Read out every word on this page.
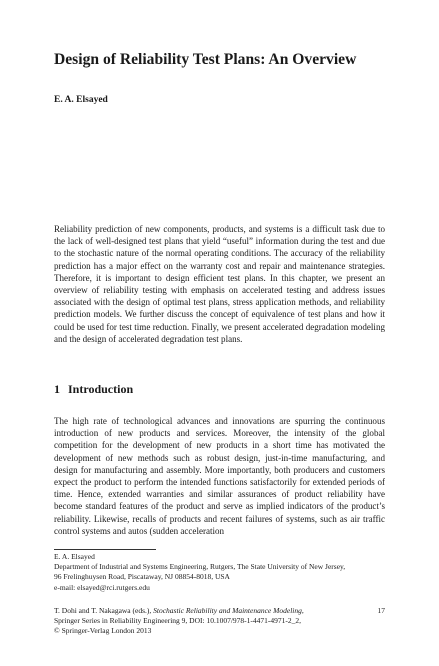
Design of Reliability Test Plans: An Overview
E. A. Elsayed

Reliability prediction of new components, products, and systems is a difficult task due to the lack of well-designed test plans that yield “useful” information during the test and due to the stochastic nature of the normal operating conditions. The accuracy of the reliability prediction has a major effect on the warranty cost and repair and maintenance strategies. Therefore, it is important to design efficient test plans. In this chapter, we present an overview of reliability testing with emphasis on accelerated testing and address issues associated with the design of optimal test plans, stress application methods, and reliability prediction models. We further discuss the concept of equivalence of test plans and how it could be used for test time reduction. Finally, we present accelerated degradation modeling and the design of accelerated degradation test plans.

1 Introduction

The high rate of technological advances and innovations are spurring the continuous introduction of new products and services. Moreover, the intensity of the global competition for the development of new products in a short time has motivated the development of new methods such as robust design, just-in-time manufacturing, and design for manufacturing and assembly. More importantly, both producers and customers expect the product to perform the intended functions satisfactorily for extended periods of time. Hence, extended warranties and similar assurances of product reliability have become standard features of the product and serve as implied indicators of the product’s reliability. Likewise, recalls of products and recent failures of systems, such as air traffic control systems and autos (sudden acceleration

E. A. Elsayed
Department of Industrial and Systems Engineering, Rutgers, The State University of New Jersey,
96 Frelinghuysen Road, Piscataway, NJ 08854-8018, USA
e-mail: elsayed@rci.rutgers.edu
T. Dohi and T. Nakagawa (eds.), Stochastic Reliability and Maintenance Modeling,
Springer Series in Reliability Engineering 9, DOI: 10.1007/978-1-4471-4971-2_2,
© Springer-Verlag London 2013
17
